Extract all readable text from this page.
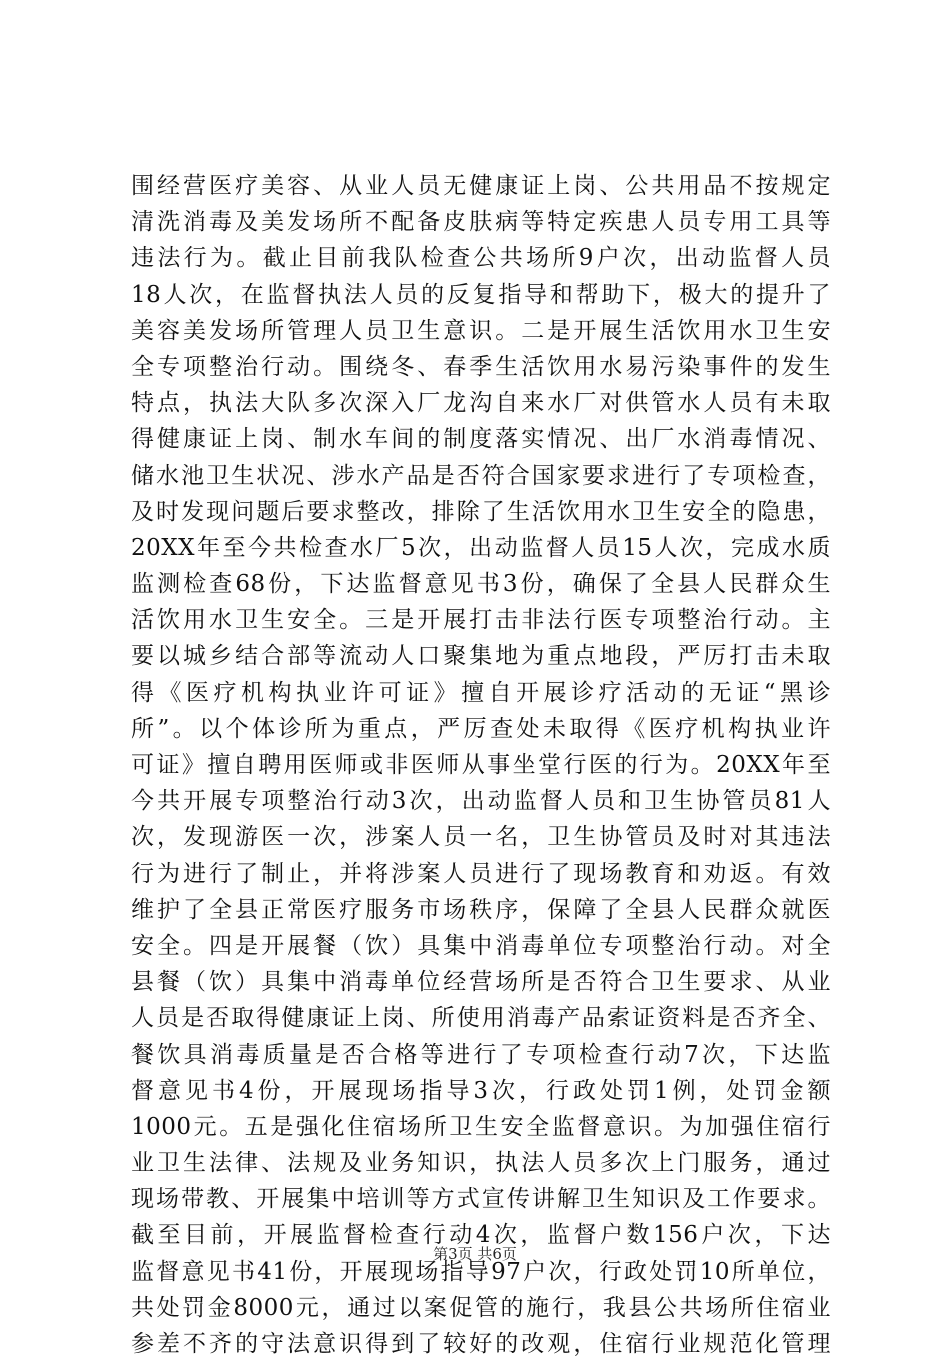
围经营医疗美容、从业人员无健康证上岗、公共用品不按规定
清洗消毒及美发场所不配备皮肤病等特定疾患人员专用工具等
违法行为。截止目前我队检查公共场所9户次，出动监督人员
18人次，在监督执法人员的反复指导和帮助下，极大的提升了
美容美发场所管理人员卫生意识。二是开展生活饮用水卫生安
全专项整治行动。围绕冬、春季生活饮用水易污染事件的发生
特点，执法大队多次深入厂龙沟自来水厂对供管水人员有未取
得健康证上岗、制水车间的制度落实情况、出厂水消毒情况、
储水池卫生状况、涉水产品是否符合国家要求进行了专项检查，
及时发现问题后要求整改，排除了生活饮用水卫生安全的隐患，
20XX年至今共检查水厂5次，出动监督人员15人次，完成水质
监测检查68份，下达监督意见书3份，确保了全县人民群众生
活饮用水卫生安全。三是开展打击非法行医专项整治行动。主
要以城乡结合部等流动人口聚集地为重点地段，严厉打击未取
得《医疗机构执业许可证》擅自开展诊疗活动的无证“黑诊
所”。以个体诊所为重点，严厉查处未取得《医疗机构执业许
可证》擅自聘用医师或非医师从事坐堂行医的行为。20XX年至
今共开展专项整治行动3次，出动监督人员和卫生协管员81人
次，发现游医一次，涉案人员一名，卫生协管员及时对其违法
行为进行了制止，并将涉案人员进行了现场教育和劝返。有效
维护了全县正常医疗服务市场秩序，保障了全县人民群众就医
安全。四是开展餐（饮）具集中消毒单位专项整治行动。对全
县餐（饮）具集中消毒单位经营场所是否符合卫生要求、从业
人员是否取得健康证上岗、所使用消毒产品索证资料是否齐全、
餐饮具消毒质量是否合格等进行了专项检查行动7次，下达监
督意见书4份，开展现场指导3次，行政处罚1例，处罚金额
1000元。五是强化住宿场所卫生安全监督意识。为加强住宿行
业卫生法律、法规及业务知识，执法人员多次上门服务，通过
现场带教、开展集中培训等方式宣传讲解卫生知识及工作要求。
截至目前，开展监督检查行动4次，监督户数156户次，下达
监督意见书41份，开展现场指导97户次，行政处罚10所单位，
共处罚金8000元，通过以案促管的施行，我县公共场所住宿业
参差不齐的守法意识得到了较好的改观，住宿行业规范化管理
第3页 共6页
